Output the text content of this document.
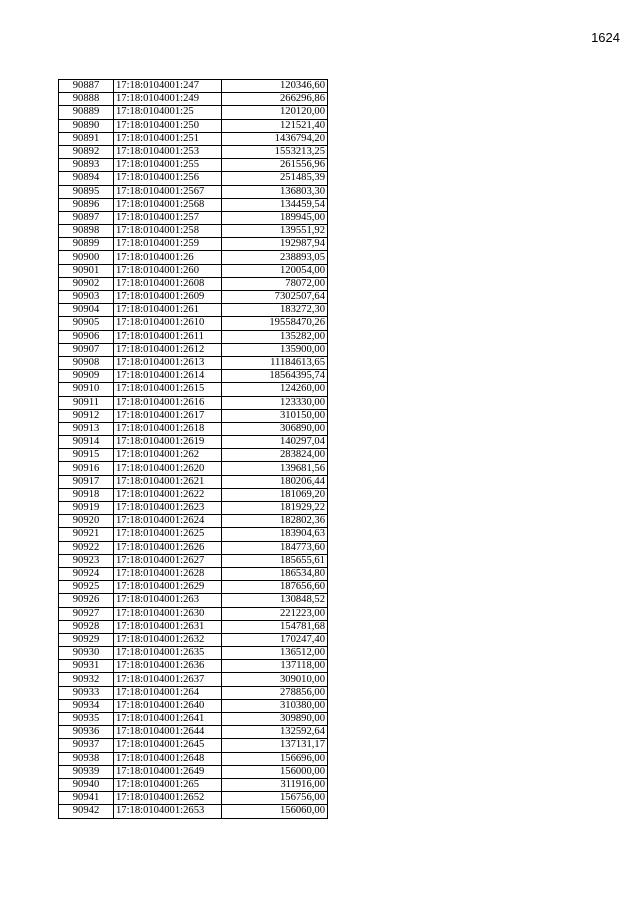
1624
90887	17:18:0104001:247	120346,60
90888	17:18:0104001:249	266296,86
90889	17:18:0104001:25	120120,00
90890	17:18:0104001:250	121521,40
90891	17:18:0104001:251	1436794,20
90892	17:18:0104001:253	1553213,25
90893	17:18:0104001:255	261556,96
90894	17:18:0104001:256	251485,39
90895	17:18:0104001:2567	136803,30
90896	17:18:0104001:2568	134459,54
90897	17:18:0104001:257	189945,00
90898	17:18:0104001:258	139551,92
90899	17:18:0104001:259	192987,94
90900	17:18:0104001:26	238893,05
90901	17:18:0104001:260	120054,00
90902	17:18:0104001:2608	78072,00
90903	17:18:0104001:2609	7302507,64
90904	17:18:0104001:261	183272,30
90905	17:18:0104001:2610	19558470,26
90906	17:18:0104001:2611	135282,00
90907	17:18:0104001:2612	135900,00
90908	17:18:0104001:2613	11184613,65
90909	17:18:0104001:2614	18564395,74
90910	17:18:0104001:2615	124260,00
90911	17:18:0104001:2616	123330,00
90912	17:18:0104001:2617	310150,00
90913	17:18:0104001:2618	306890,00
90914	17:18:0104001:2619	140297,04
90915	17:18:0104001:262	283824,00
90916	17:18:0104001:2620	139681,56
90917	17:18:0104001:2621	180206,44
90918	17:18:0104001:2622	181069,20
90919	17:18:0104001:2623	181929,22
90920	17:18:0104001:2624	182802,36
90921	17:18:0104001:2625	183904,63
90922	17:18:0104001:2626	184773,60
90923	17:18:0104001:2627	185655,61
90924	17:18:0104001:2628	186534,80
90925	17:18:0104001:2629	187656,60
90926	17:18:0104001:263	130848,52
90927	17:18:0104001:2630	221223,00
90928	17:18:0104001:2631	154781,68
90929	17:18:0104001:2632	170247,40
90930	17:18:0104001:2635	136512,00
90931	17:18:0104001:2636	137118,00
90932	17:18:0104001:2637	309010,00
90933	17:18:0104001:264	278856,00
90934	17:18:0104001:2640	310380,00
90935	17:18:0104001:2641	309890,00
90936	17:18:0104001:2644	132592,64
90937	17:18:0104001:2645	137131,17
90938	17:18:0104001:2648	156696,00
90939	17:18:0104001:2649	156000,00
90940	17:18:0104001:265	311916,00
90941	17:18:0104001:2652	156756,00
90942	17:18:0104001:2653	156060,00
